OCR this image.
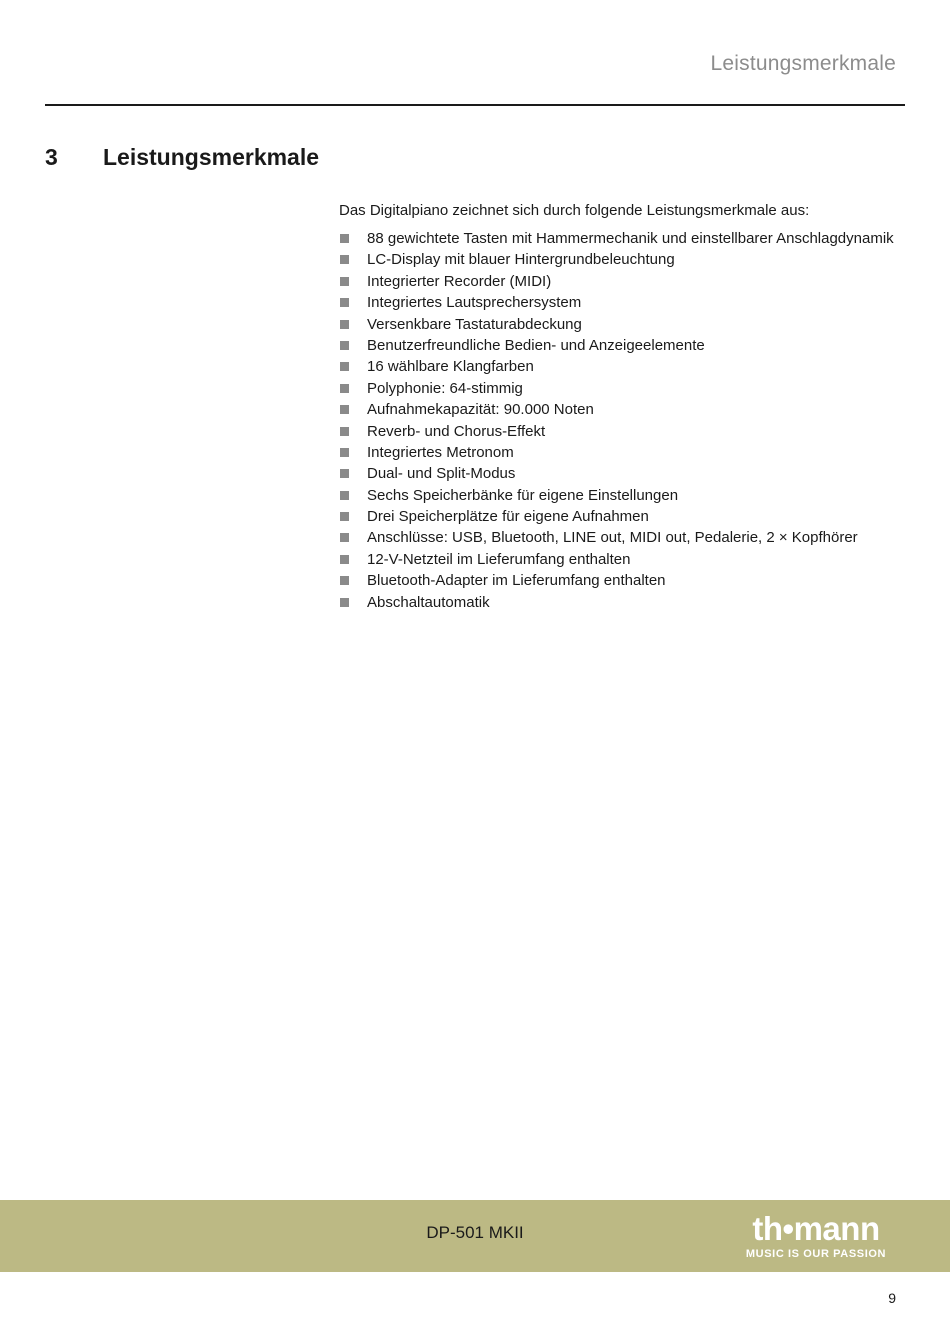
Leistungsmerkmale
3 Leistungsmerkmale
Das Digitalpiano zeichnet sich durch folgende Leistungsmerkmale aus:
88 gewichtete Tasten mit Hammermechanik und einstellbarer Anschlagdynamik
LC-Display mit blauer Hintergrundbeleuchtung
Integrierter Recorder (MIDI)
Integriertes Lautsprechersystem
Versenkbare Tastaturabdeckung
Benutzerfreundliche Bedien- und Anzeigeelemente
16 wählbare Klangfarben
Polyphonie: 64-stimmig
Aufnahmekapazität: 90.000 Noten
Reverb- und Chorus-Effekt
Integriertes Metronom
Dual- und Split-Modus
Sechs Speicherbänke für eigene Einstellungen
Drei Speicherplätze für eigene Aufnahmen
Anschlüsse: USB, Bluetooth, LINE out, MIDI out, Pedalerie, 2 × Kopfhörer
12-V-Netzteil im Lieferumfang enthalten
Bluetooth-Adapter im Lieferumfang enthalten
Abschaltautomatik
DP-501 MKII	th•mann
MUSIC IS OUR PASSION
9
